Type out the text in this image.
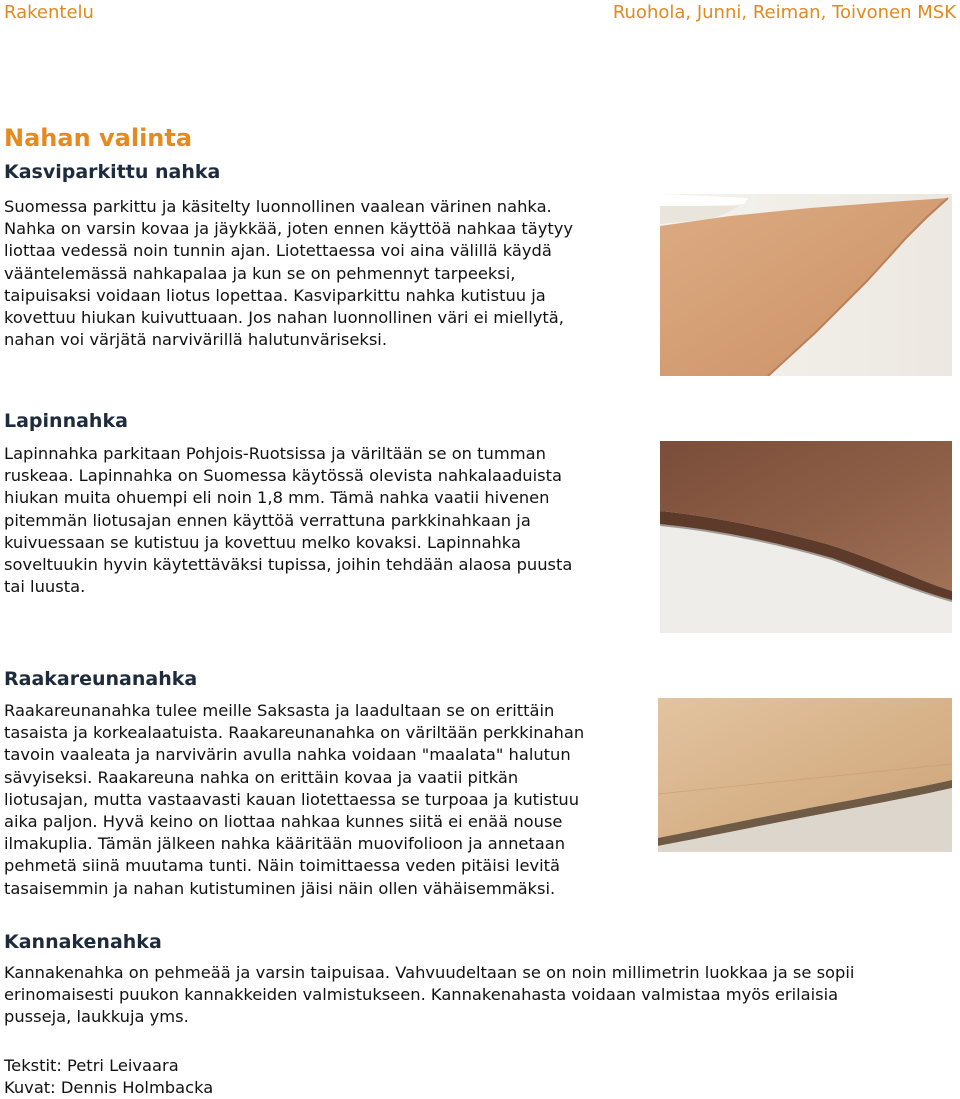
Rakentelu	Ruohola, Junni, Reiman, Toivonen MSK
Nahan valinta
Kasviparkittu nahka
Suomessa parkittu ja käsitelty luonnollinen vaalean värinen nahka.
Nahka on varsin kovaa ja jäykkää, joten ennen käyttöä nahkaa täytyy
liottaa vedessä noin tunnin ajan. Liotettaessa voi aina välillä käydä
vääntelemässä nahkapalaa ja kun se on pehmennyt tarpeeksi,
taipuisaksi voidaan liotus lopettaa. Kasviparkittu nahka kutistuu ja
kovettuu hiukan kuivuttuaan. Jos nahan luonnollinen väri ei miellytä,
nahan voi värjätä narvivärillä halutunväriseksi.
Lapinnahka
Lapinnahka parkitaan Pohjois-Ruotsissa ja väriltään se on tumman
ruskeaa. Lapinnahka on Suomessa käytössä olevista nahkalaaduista
hiukan muita ohuempi eli noin 1,8 mm. Tämä nahka vaatii hivenen
pitemmän liotusajan ennen käyttöä verrattuna parkkinahkaan ja
kuivuessaan se kutistuu ja kovettuu melko kovaksi. Lapinnahka
soveltuukin hyvin käytettäväksi tupissa, joihin tehdään alaosa puusta
tai luusta.
Raakareunanahka
Raakareunanahka tulee meille Saksasta ja laadultaan se on erittäin
tasaista ja korkealaatuista. Raakareunanahka on väriltään perkkinahan
tavoin vaaleata ja narvivärin avulla nahka voidaan "maalata" halutun
sävyiseksi. Raakareuna nahka on erittäin kovaa ja vaatii pitkän
liotusajan, mutta vastaavasti kauan liotettaessa se turpoaa ja kutistuu
aika paljon. Hyvä keino on liottaa nahkaa kunnes siitä ei enää nouse
ilmakuplia. Tämän jälkeen nahka kääritään muovifolioon ja annetaan
pehmetä siinä muutama tunti. Näin toimittaessa veden pitäisi levitä
tasaisemmin ja nahan kutistuminen jäisi näin ollen vähäisemmäksi.
Kannakenahka
Kannakenahka on pehmeää ja varsin taipuisaa. Vahvuudeltaan se on noin millimetrin luokkaa ja se sopii
erinomaisesti puukon kannakkeiden valmistukseen. Kannakenahasta voidaan valmistaa myös erilaisia
pusseja, laukkuja yms.
Tekstit: Petri Leivaara
Kuvat: Dennis Holmbacka
